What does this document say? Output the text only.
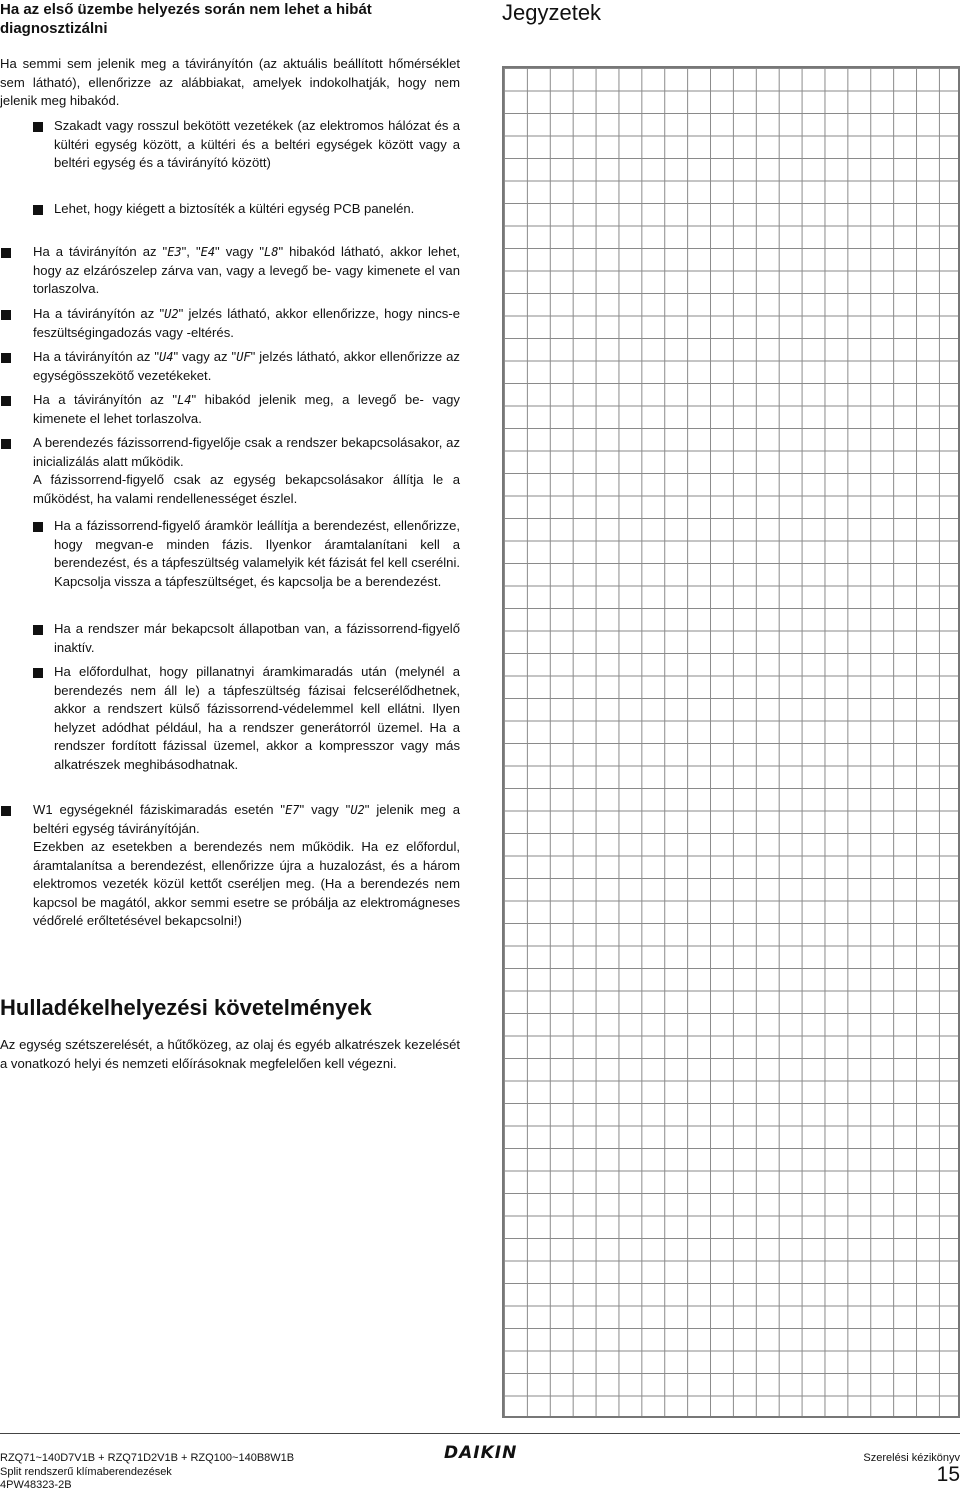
Ha az első üzembe helyezés során nem lehet a hibát diagnosztizálni
Ha semmi sem jelenik meg a távirányítón (az aktuális beállított hőmérséklet sem látható), ellenőrizze az alábbiakat, amelyek indokolhatják, hogy nem jelenik meg hibakód.
Szakadt vagy rosszul bekötött vezetékek (az elektromos hálózat és a kültéri egység között, a kültéri és a beltéri egységek között vagy a beltéri egység és a távirányító között)
Lehet, hogy kiégett a biztosíték a kültéri egység PCB panelén.
Ha a távirányítón az "E3", "E4" vagy "L8" hibakód látható, akkor lehet, hogy az elzárószelep zárva van, vagy a levegő be- vagy kimenete el van torlaszolva.
Ha a távirányítón az "U2" jelzés látható, akkor ellenőrizze, hogy nincs-e feszültségingadozás vagy -eltérés.
Ha a távirányítón az "U4" vagy az "UF" jelzés látható, akkor ellenőrizze az egységösszekötő vezetékeket.
Ha a távirányítón az "L4" hibakód jelenik meg, a levegő be- vagy kimenete el lehet torlaszolva.
A berendezés fázissorrend-figyelője csak a rendszer bekapcsolásakor, az inicializálás alatt működik.
A fázissorrend-figyelő csak az egység bekapcsolásakor állítja le a működést, ha valami rendellenességet észlel.
Ha a fázissorrend-figyelő áramkör leállítja a berendezést, ellenőrizze, hogy megvan-e minden fázis. Ilyenkor áramtalanítani kell a berendezést, és a tápfeszültség valamelyik két fázisát fel kell cserélni. Kapcsolja vissza a tápfeszültséget, és kapcsolja be a berendezést.
Ha a rendszer már bekapcsolt állapotban van, a fázissorrend-figyelő inaktív.
Ha előfordulhat, hogy pillanatnyi áramkimaradás után (melynél a berendezés nem áll le) a tápfeszültség fázisai felcserélődhetnek, akkor a rendszert külső fázissorrend-védelemmel kell ellátni. Ilyen helyzet adódhat például, ha a rendszer generátorról üzemel. Ha a rendszer fordított fázissal üzemel, akkor a kompresszor vagy más alkatrészek meghibásodhatnak.
W1 egységeknél fáziskimaradás esetén "E7" vagy "U2" jelenik meg a beltéri egység távirányítóján.
Ezekben az esetekben a berendezés nem működik. Ha ez előfordul, áramtalanítsa a berendezést, ellenőrizze újra a huzalozást, és a három elektromos vezeték közül kettőt cseréljen meg. (Ha a berendezés nem kapcsol be magától, akkor semmi esetre se próbálja az elektromágneses védőrelé erőltetésével bekapcsolni!)
Hulladékelhelyezési követelmények
Az egység szétszerelését, a hűtőközeg, az olaj és egyéb alkatrészek kezelését a vonatkozó helyi és nemzeti előírásoknak megfelelően kell végezni.
Jegyzetek
RZQ71~140D7V1B + RZQ71D2V1B + RZQ100~140B8W1B
Split rendszerű klímaberendezések
4PW48323-2B
DAIKIN	Szerelési kézikönyv
15
